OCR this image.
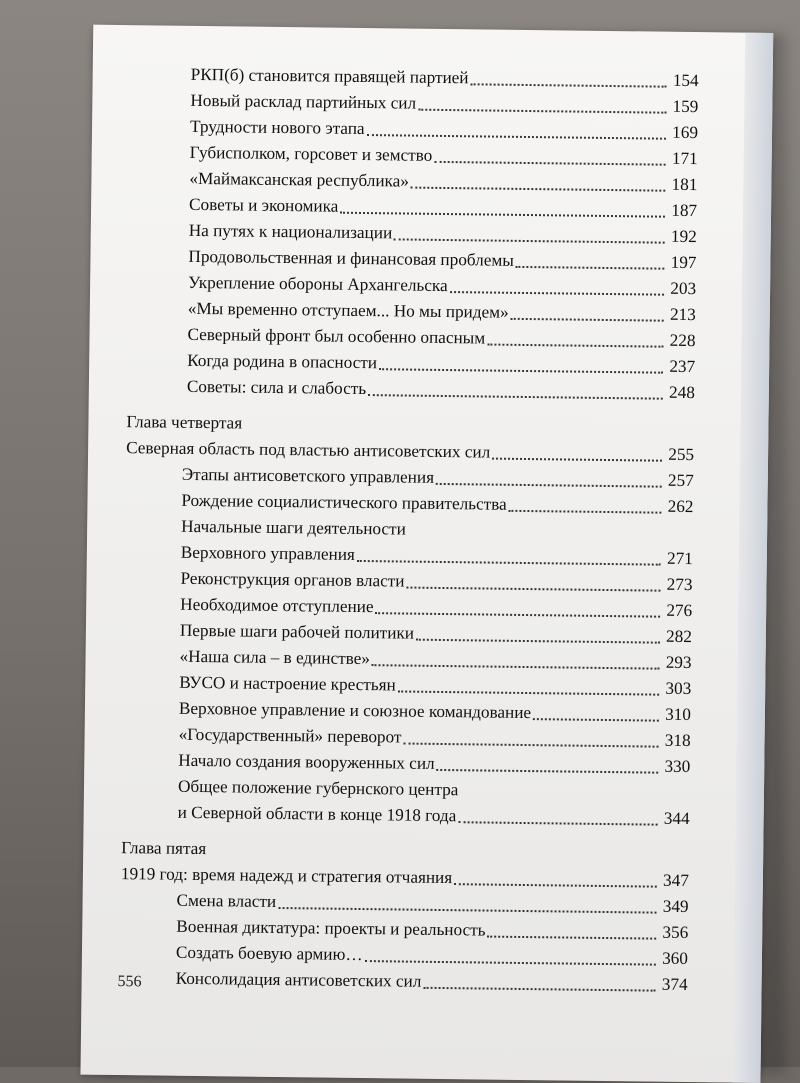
РКП(б) становится правящей партией	154
Новый расклад партийных сил	159
Трудности нового этапа	169
Губисполком, горсовет и земство	171
«Маймаксанская республика»	181
Советы и экономика	187
На путях к национализации	192
Продовольственная и финансовая проблемы	197
Укрепление обороны Архангельска	203
«Мы временно отступаем... Но мы придем»	213
Северный фронт был особенно опасным	228
Когда родина в опасности	237
Советы: сила и слабость	248
Глава четвертая
Северная область под властью антисоветских сил	255
Этапы антисоветского управления	257
Рождение социалистического правительства	262
Начальные шаги деятельности
Верховного управления	271
Реконструкция органов власти	273
Необходимое отступление	276
Первые шаги рабочей политики	282
«Наша сила – в единстве»	293
ВУСО и настроение крестьян	303
Верховное управление и союзное командование	310
«Государственный» переворот	318
Начало создания вооруженных сил	330
Общее положение губернского центра
и Северной области в конце 1918 года	344
Глава пятая
1919 год: время надежд и стратегия отчаяния	347
Смена власти	349
Военная диктатура: проекты и реальность	356
Создать боевую армию…	360
Консолидация антисоветских сил	374
556
